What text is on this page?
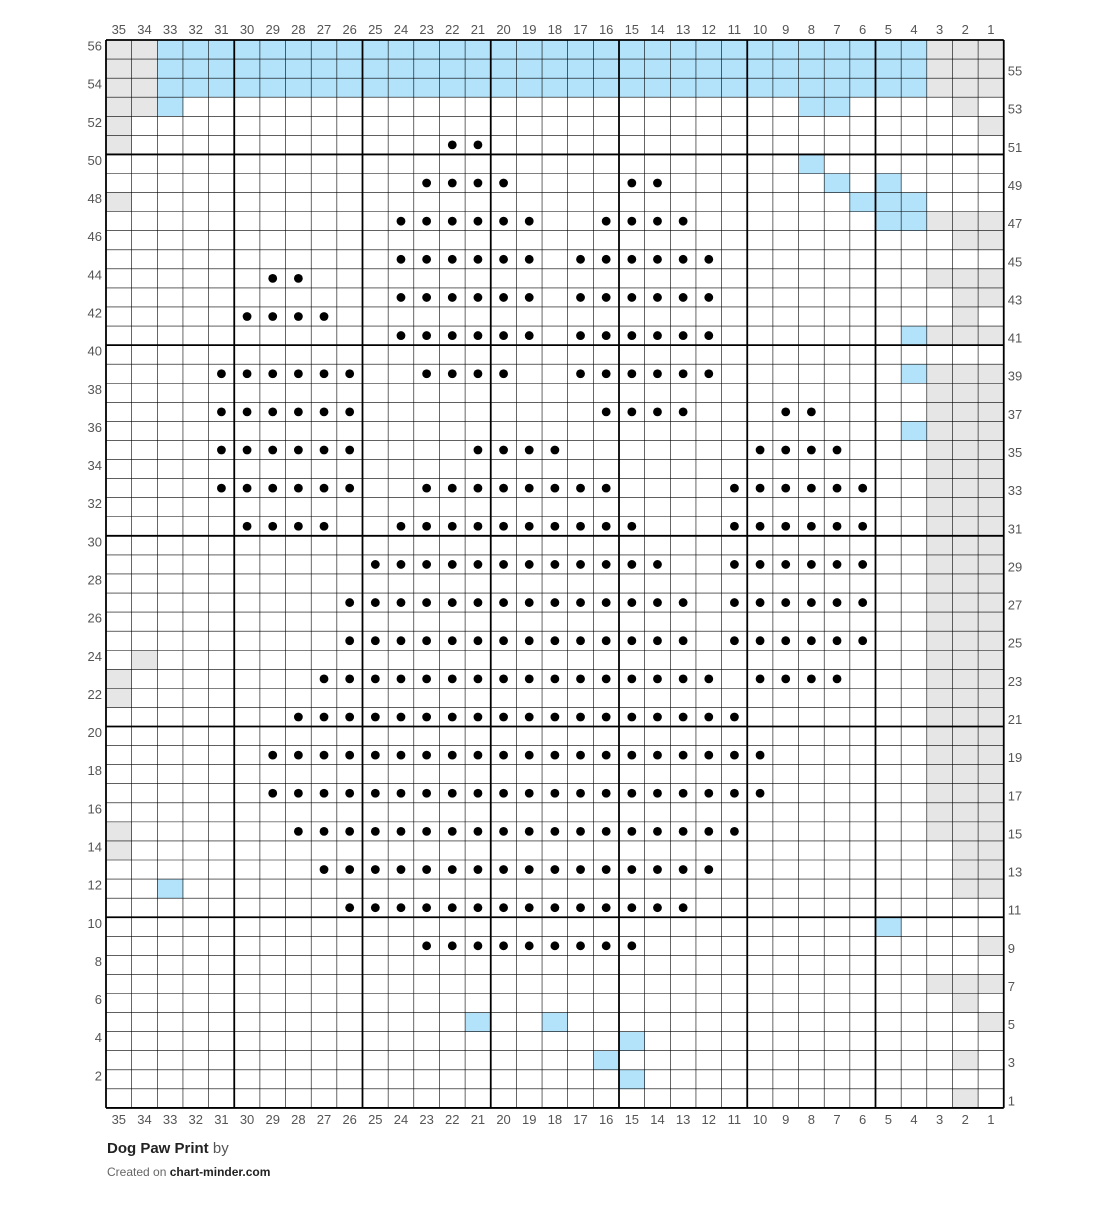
1
1
2
2
3
3
4
4
5
5
6
6
7
7
8
8
9
9
10
10
11
11
12
12
13
13
14
14
15
15
16
16
17
17
18
18
19
19
20
20
21
21
22
22
23
23
24
24
25
25
26
26
27
27
28
28
29
29
30
30
31
31
32
32
33
33
34
34
35
35
1
2
3
4
5
6
7
8
9
10
11
12
13
14
15
16
17
18
19
20
21
22
23
24
25
26
27
28
29
30
31
32
33
34
35
36
37
38
39
40
41
42
43
44
45
46
47
48
49
50
51
52
53
54
55
56
Dog Paw Print by
Created on chart-minder.com
